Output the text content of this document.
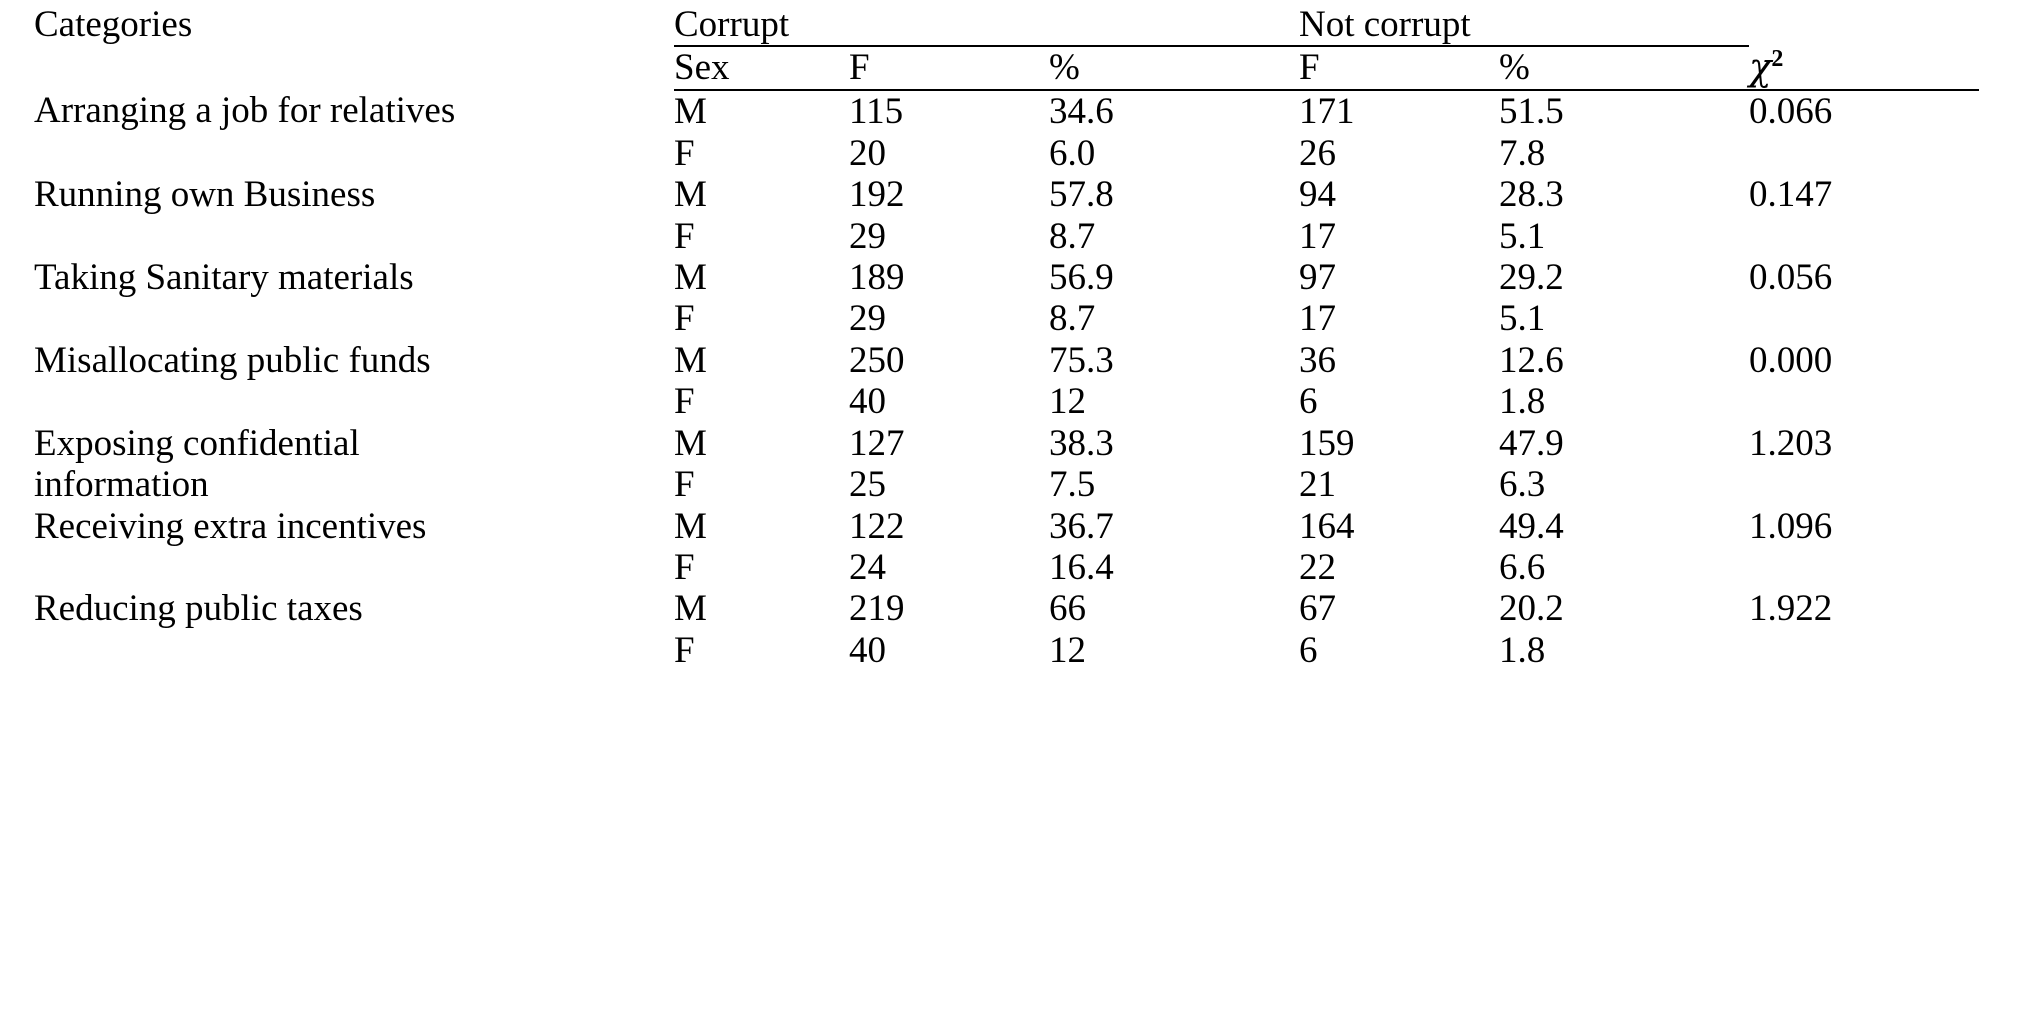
Categories	Corrupt			Not corrupt		
	Sex	F	%	F	%	$\chi^2$
Arranging a job for relatives	M	115	34.6	171	51.5	0.066
	F	20	6.0	26	7.8	
Running own Business	M	192	57.8	94	28.3	0.147
	F	29	8.7	17	5.1	
Taking Sanitary materials	M	189	56.9	97	29.2	0.056
	F	29	8.7	17	5.1	
Misallocating public funds	M	250	75.3	36	12.6	0.000
	F	40	12	6	1.8	
Exposing confidential	M	127	38.3	159	47.9	1.203
information	F	25	7.5	21	6.3	
Receiving extra incentives	M	122	36.7	164	49.4	1.096
	F	24	16.4	22	6.6	
Reducing public taxes	M	219	66	67	20.2	1.922
	F	40	12	6	1.8	
